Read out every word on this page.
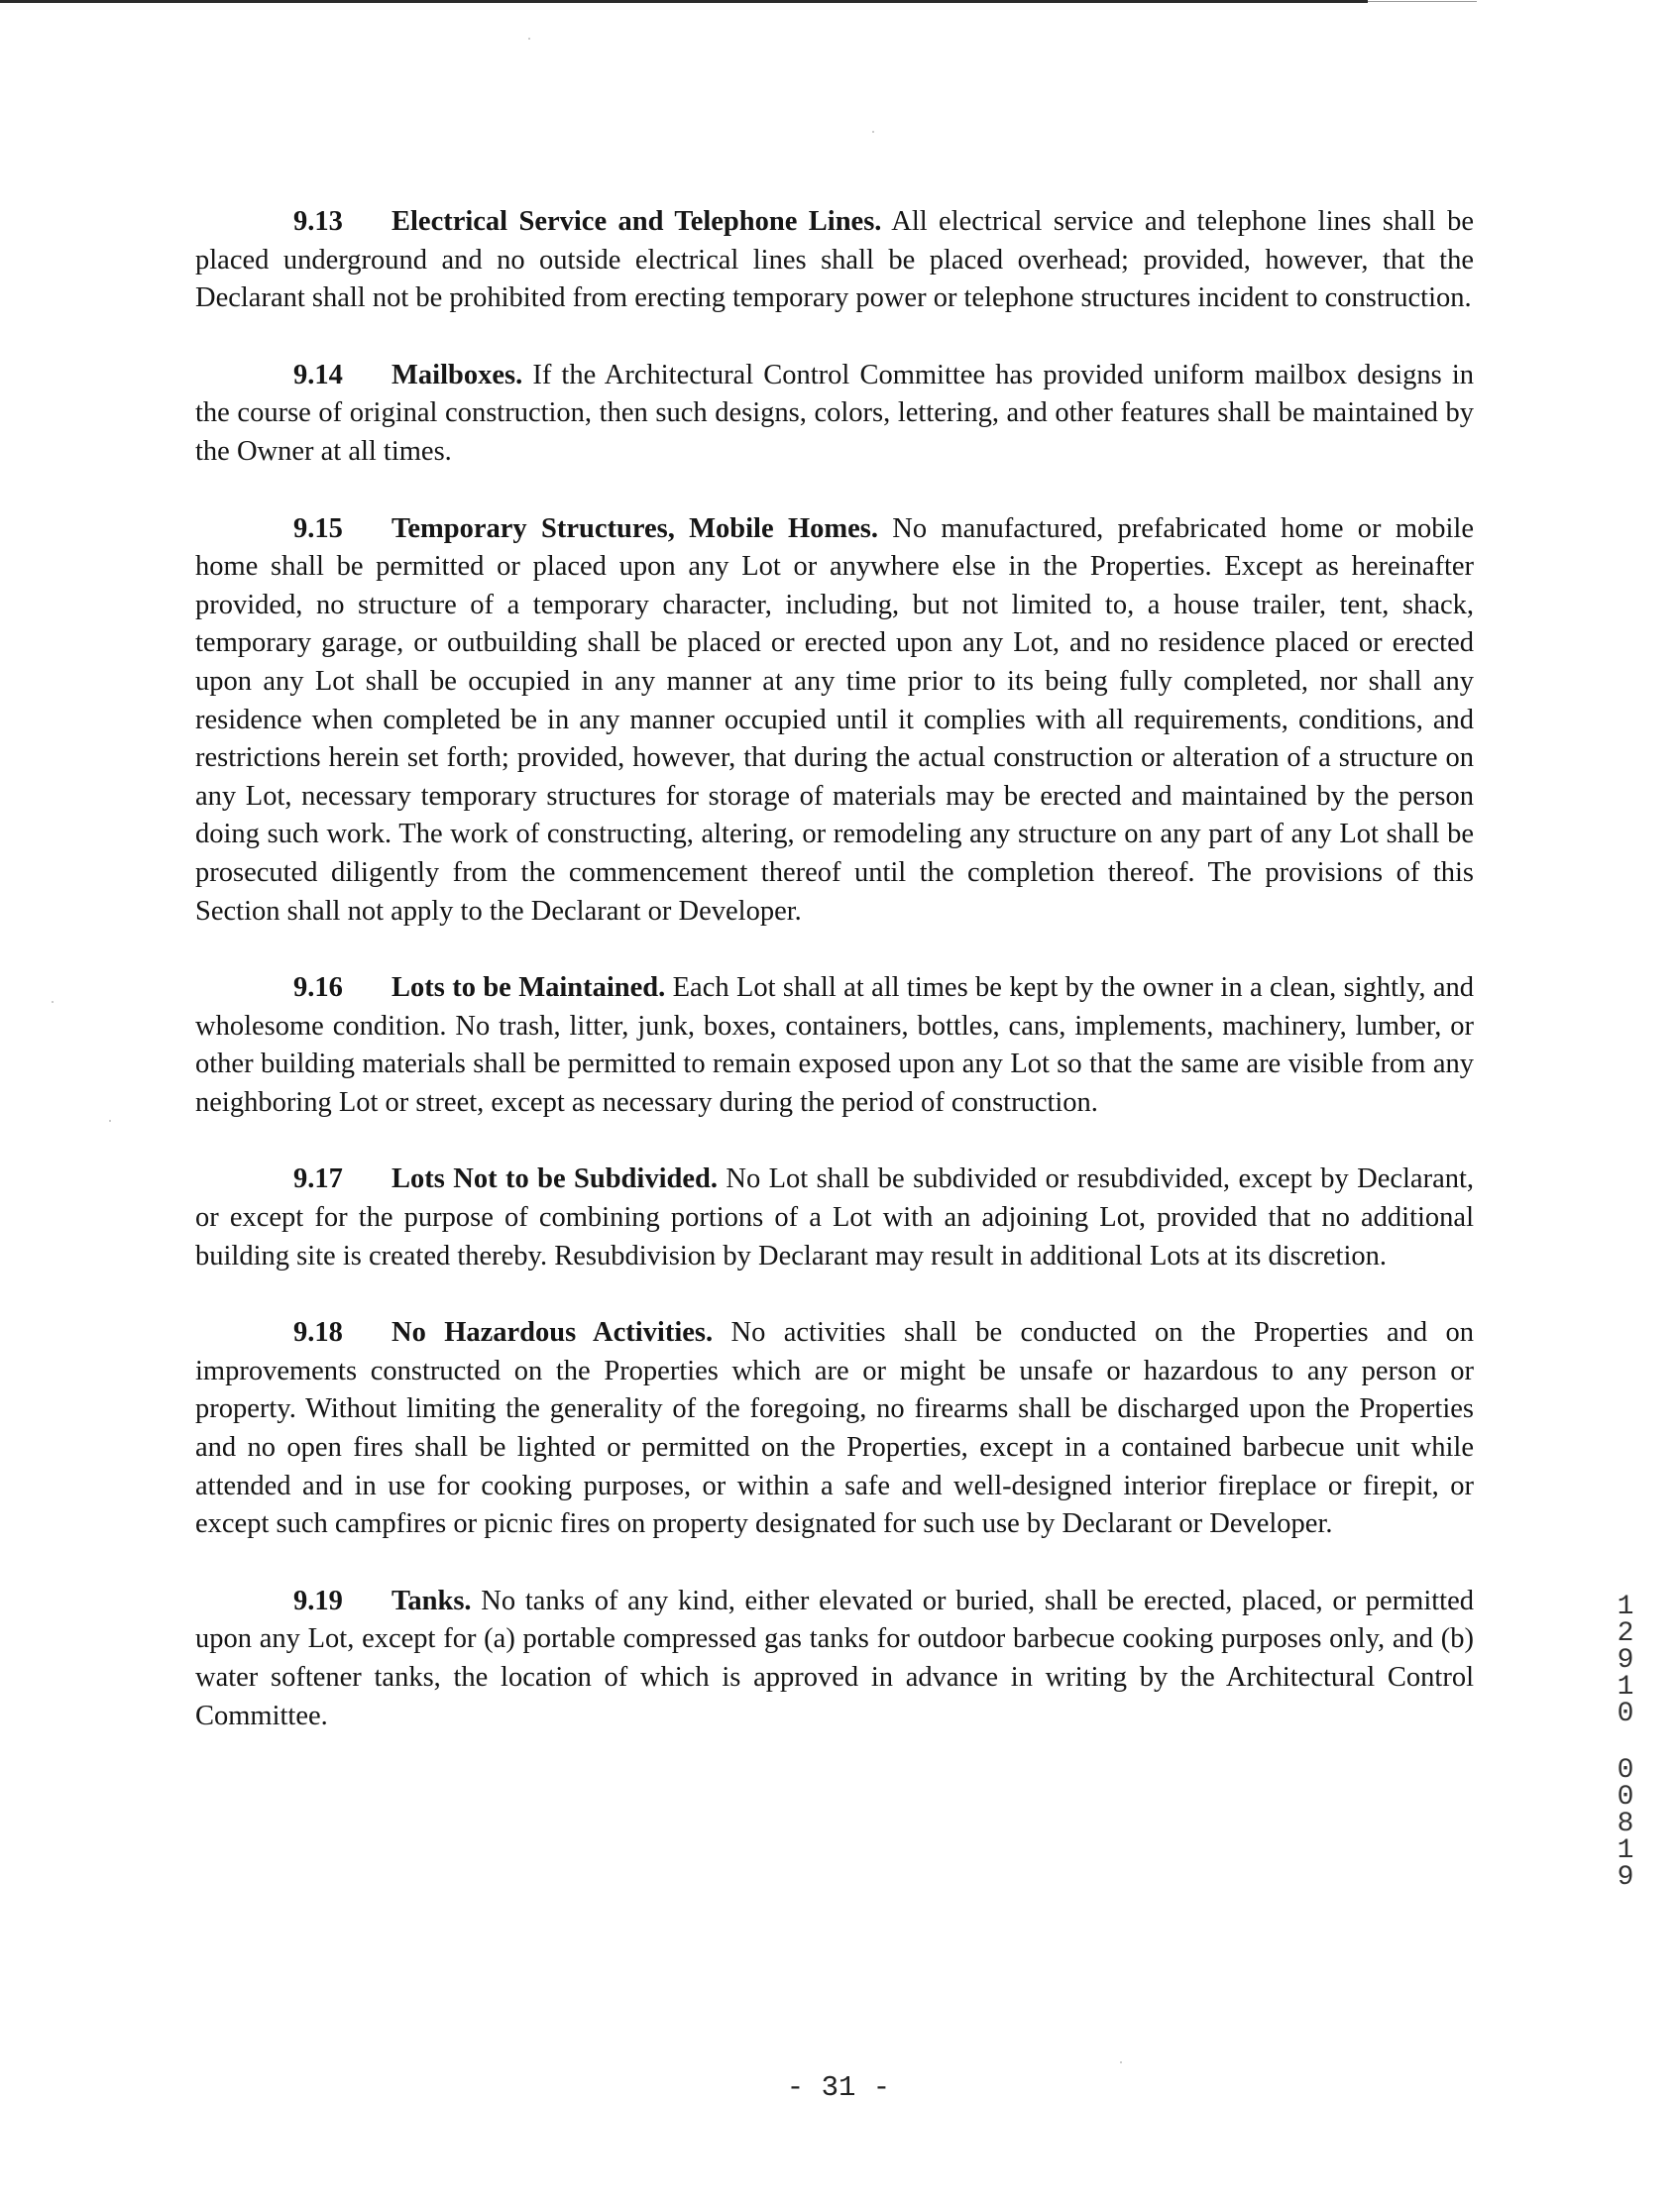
9.13 Electrical Service and Telephone Lines. All electrical service and telephone lines shall be placed underground and no outside electrical lines shall be placed overhead; provided, however, that the Declarant shall not be prohibited from erecting temporary power or telephone structures incident to construction.

9.14 Mailboxes. If the Architectural Control Committee has provided uniform mailbox designs in the course of original construction, then such designs, colors, lettering, and other features shall be maintained by the Owner at all times.

9.15 Temporary Structures, Mobile Homes. No manufactured, prefabricated home or mobile home shall be permitted or placed upon any Lot or anywhere else in the Properties. Except as hereinafter provided, no structure of a temporary character, including, but not limited to, a house trailer, tent, shack, temporary garage, or outbuilding shall be placed or erected upon any Lot, and no residence placed or erected upon any Lot shall be occupied in any manner at any time prior to its being fully completed, nor shall any residence when completed be in any manner occupied until it complies with all requirements, conditions, and restrictions herein set forth; provided, however, that during the actual construction or alteration of a structure on any Lot, necessary temporary structures for storage of materials may be erected and maintained by the person doing such work. The work of constructing, altering, or remodeling any structure on any part of any Lot shall be prosecuted diligently from the commencement thereof until the completion thereof. The provisions of this Section shall not apply to the Declarant or Developer.

9.16 Lots to be Maintained. Each Lot shall at all times be kept by the owner in a clean, sightly, and wholesome condition. No trash, litter, junk, boxes, containers, bottles, cans, implements, machinery, lumber, or other building materials shall be permitted to remain exposed upon any Lot so that the same are visible from any neighboring Lot or street, except as necessary during the period of construction.

9.17 Lots Not to be Subdivided. No Lot shall be subdivided or resubdivided, except by Declarant, or except for the purpose of combining portions of a Lot with an adjoining Lot, provided that no additional building site is created thereby. Resubdivision by Declarant may result in additional Lots at its discretion.

9.18 No Hazardous Activities. No activities shall be conducted on the Properties and on improvements constructed on the Properties which are or might be unsafe or hazardous to any person or property. Without limiting the generality of the foregoing, no firearms shall be discharged upon the Properties and no open fires shall be lighted or permitted on the Properties, except in a contained barbecue unit while attended and in use for cooking purposes, or within a safe and well-designed interior fireplace or firepit, or except such campfires or picnic fires on property designated for such use by Declarant or Developer.

9.19 Tanks. No tanks of any kind, either elevated or buried, shall be erected, placed, or permitted upon any Lot, except for (a) portable compressed gas tanks for outdoor barbecue cooking purposes only, and (b) water softener tanks, the location of which is approved in advance in writing by the Architectural Control Committee.

1
2
9
1
0
0
0
8
1
9
- 31 -
